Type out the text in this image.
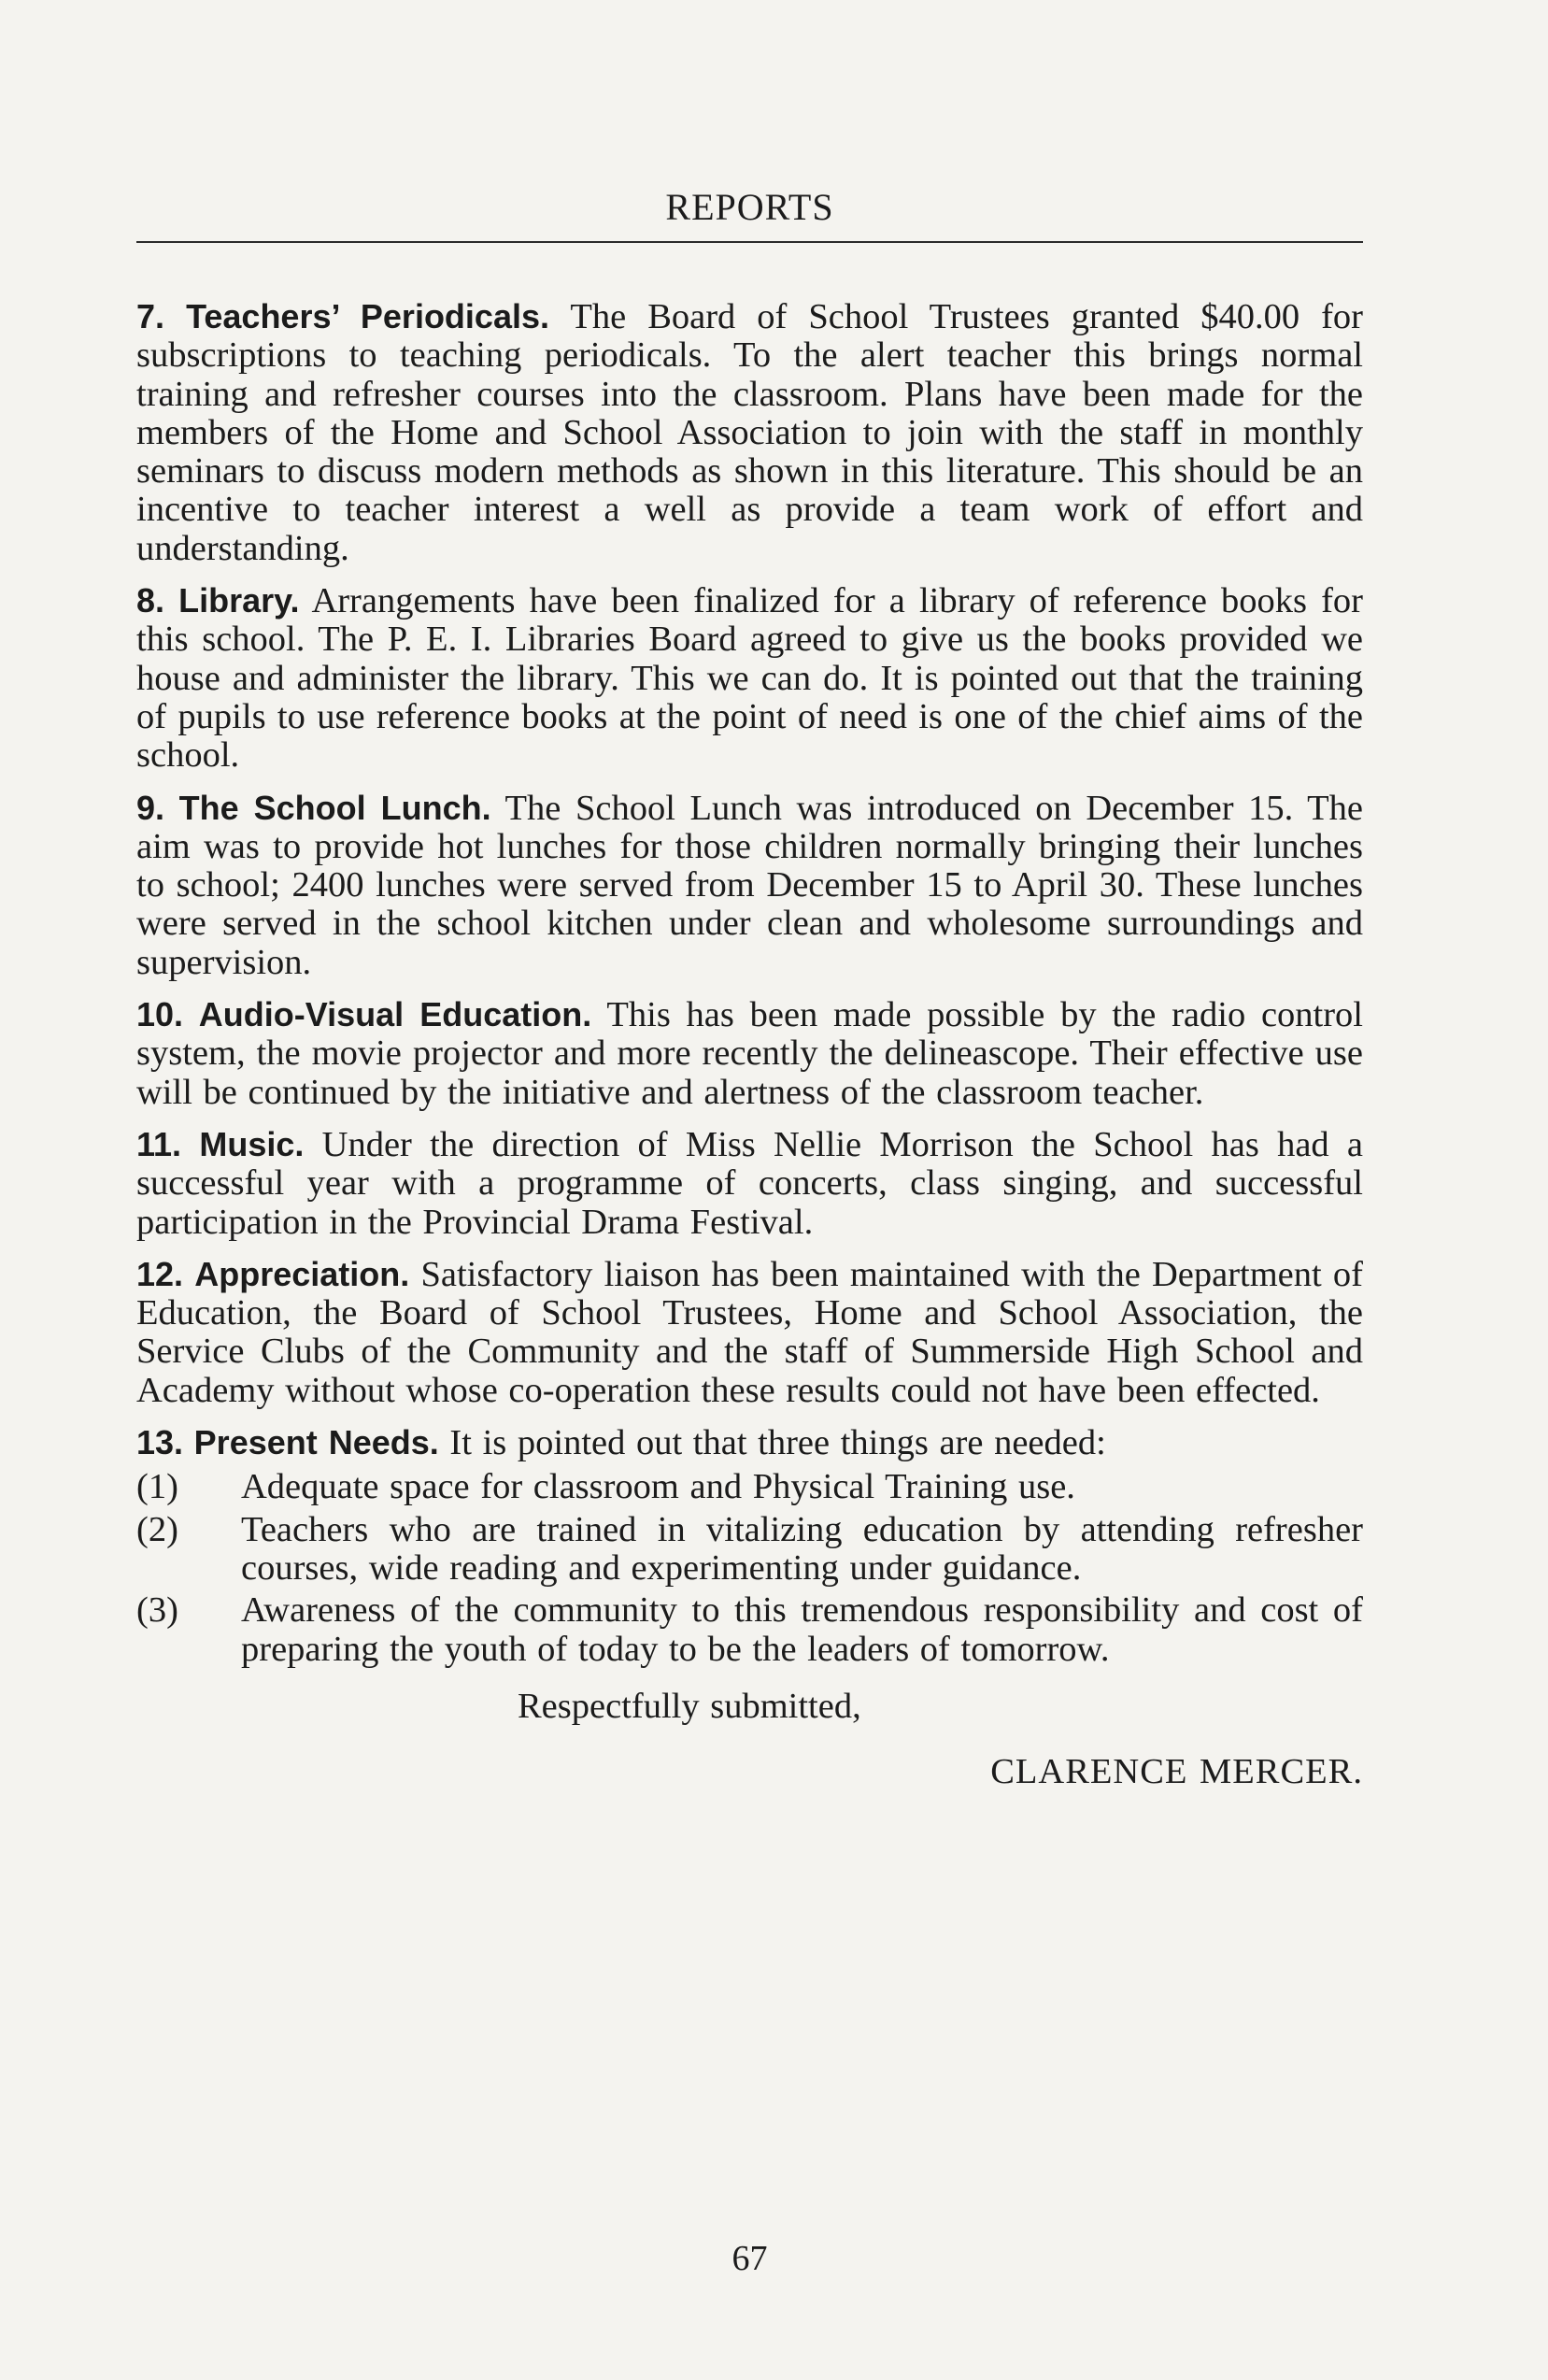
REPORTS

7. Teachers’ Periodicals. The Board of School Trustees granted $40.00 for subscriptions to teaching periodicals. To the alert teacher this brings normal training and refresher courses into the classroom. Plans have been made for the members of the Home and School Association to join with the staff in monthly seminars to discuss modern methods as shown in this literature. This should be an incentive to teacher interest a well as provide a team work of effort and understanding.

8. Library. Arrangements have been finalized for a library of reference books for this school. The P. E. I. Libraries Board agreed to give us the books provided we house and administer the library. This we can do. It is pointed out that the training of pupils to use reference books at the point of need is one of the chief aims of the school.

9. The School Lunch. The School Lunch was introduced on December 15. The aim was to provide hot lunches for those children normally bringing their lunches to school; 2400 lunches were served from December 15 to April 30. These lunches were served in the school kitchen under clean and wholesome surroundings and supervision.

10. Audio-Visual Education. This has been made possible by the radio control system, the movie projector and more recently the delineascope. Their effective use will be continued by the initiative and alertness of the classroom teacher.

11. Music. Under the direction of Miss Nellie Morrison the School has had a successful year with a programme of concerts, class singing, and successful participation in the Provincial Drama Festival.

12. Appreciation. Satisfactory liaison has been maintained with the Department of Education, the Board of School Trustees, Home and School Association, the Service Clubs of the Community and the staff of Summerside High School and Academy without whose co-operation these results could not have been effected.

13. Present Needs. It is pointed out that three things are needed:

(1) Adequate space for classroom and Physical Training use.
(2) Teachers who are trained in vitalizing education by attending refresher courses, wide reading and experimenting under guidance.
(3) Awareness of the community to this tremendous responsibility and cost of preparing the youth of today to be the leaders of tomorrow.
Respectfully submitted,
CLARENCE MERCER.
67
